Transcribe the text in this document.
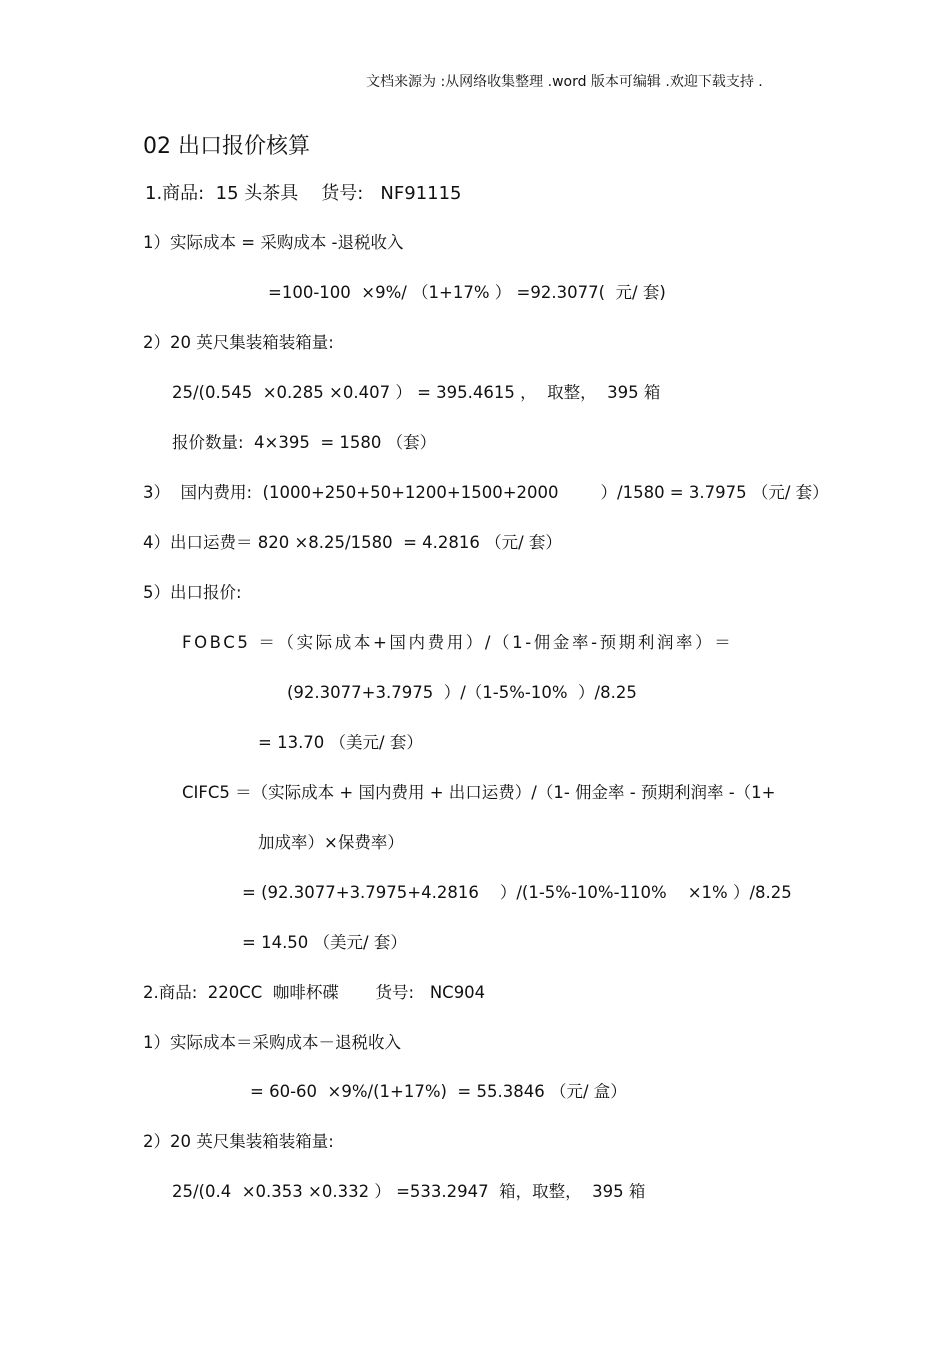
文档来源为 :从网络收集整理 .word 版本可编辑 .欢迎下载支持 .
02 出口报价核算
1.商品:  15 头茶具    货号:   NF91115
1）实际成本 = 采购成本 -退税收入
=100-100  ×9%/ （1+17% ） =92.3077(  元/ 套)
2）20 英尺集装箱装箱量:
25/(0.545  ×0.285 ×0.407 ） = 395.4615 ，  取整，  395 箱
报价数量:  4×395  = 1580 （套）
3）  国内费用:  (1000+250+50+1200+1500+2000        ）/1580 = 3.7975 （元/ 套）
4）出口运费＝ 820 ×8.25/1580  = 4.2816 （元/ 套）
5）出口报价:
FOBC5 ＝（实际成本+国内费用）/（1-佣金率-预期利润率）＝
(92.3077+3.7975  ）/（1-5%-10%  ）/8.25
= 13.70 （美元/ 套）
CIFC5 ＝（实际成本 + 国内费用 + 出口运费）/（1- 佣金率 - 预期利润率 -（1+
加成率）×保费率）
= (92.3077+3.7975+4.2816    ）/(1-5%-10%-110%    ×1% ）/8.25
= 14.50 （美元/ 套）
2.商品:  220CC  咖啡杯碟       货号:   NC904
1）实际成本＝采购成本－退税收入
= 60-60  ×9%/(1+17%)  = 55.3846 （元/ 盒）
2）20 英尺集装箱装箱量:
25/(0.4  ×0.353 ×0.332 ） =533.2947  箱，取整，  395 箱
